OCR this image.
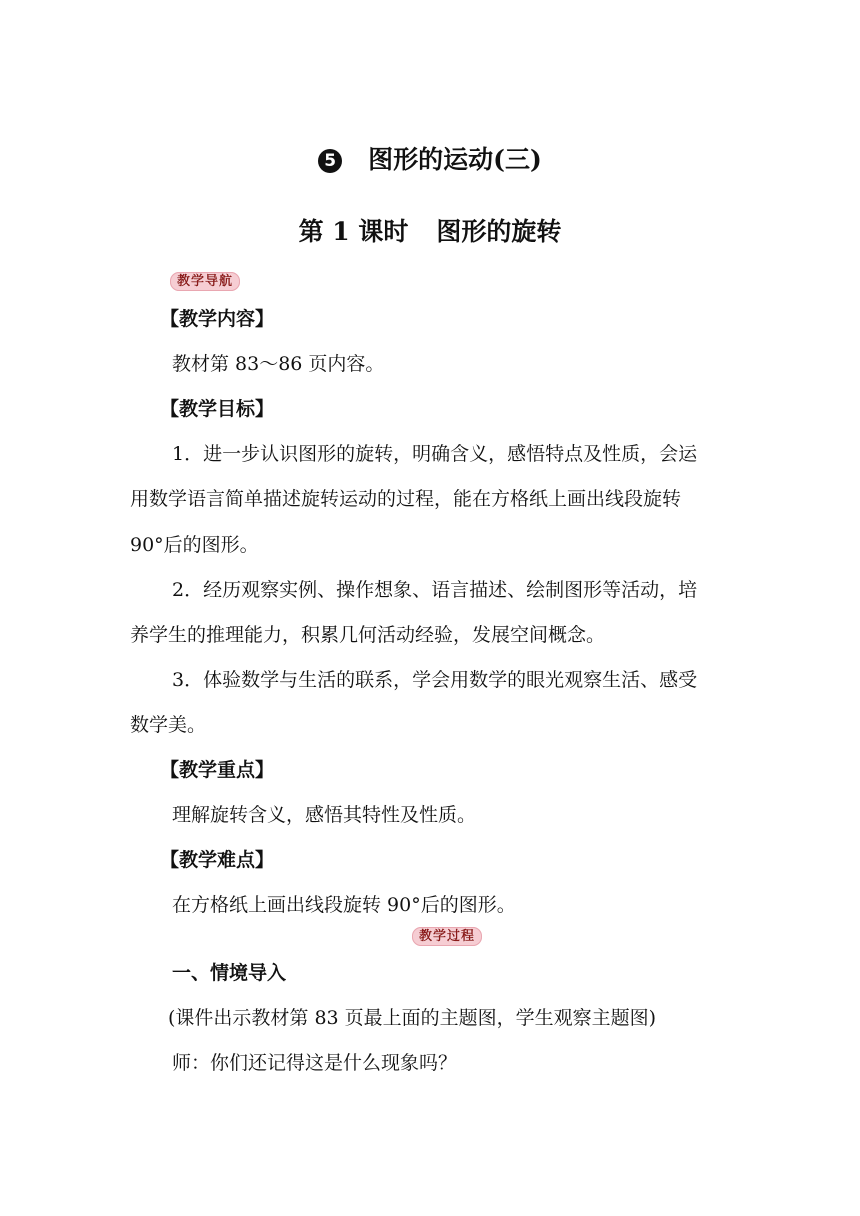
5 图形的运动(三)
第 1 课时 图形的旋转
教学导航
【教学内容】
教材第 83～86 页内容。
【教学目标】
1．进一步认识图形的旋转，明确含义，感悟特点及性质，会运
用数学语言简单描述旋转运动的过程，能在方格纸上画出线段旋转
90°后的图形。
2．经历观察实例、操作想象、语言描述、绘制图形等活动，培
养学生的推理能力，积累几何活动经验，发展空间概念。
3．体验数学与生活的联系，学会用数学的眼光观察生活、感受
数学美。
【教学重点】
理解旋转含义，感悟其特性及性质。
【教学难点】
在方格纸上画出线段旋转 90°后的图形。
教学过程
一、情境导入
(课件出示教材第 83 页最上面的主题图，学生观察主题图)
师：你们还记得这是什么现象吗？
